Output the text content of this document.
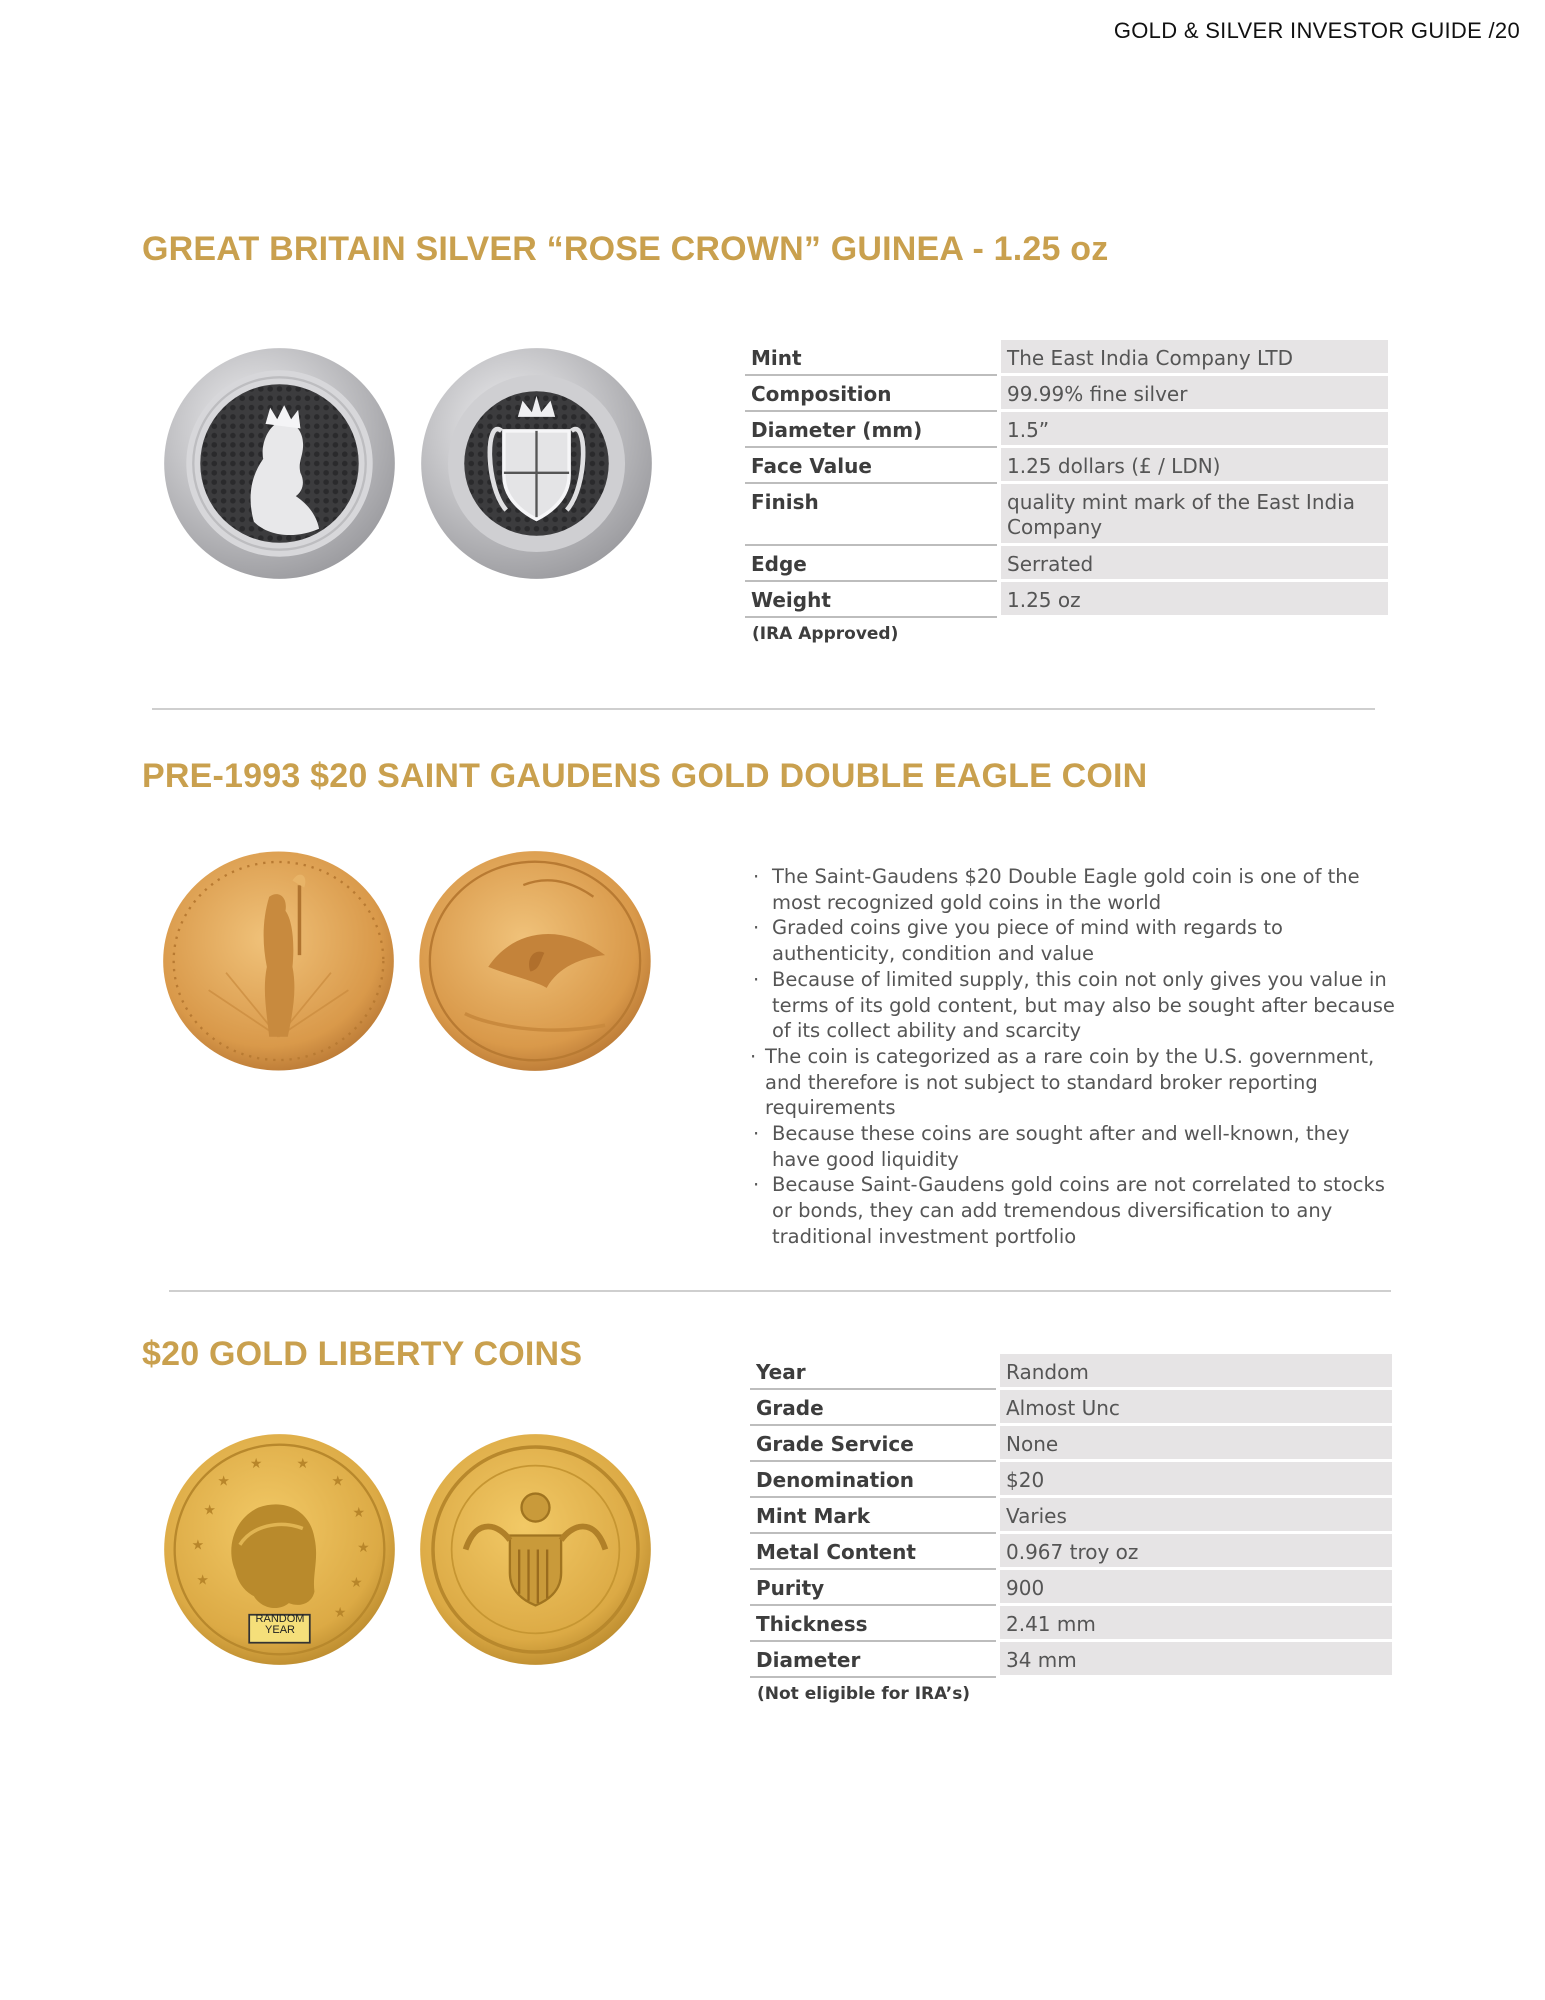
GOLD & SILVER INVESTOR GUIDE /20
GREAT BRITAIN SILVER “ROSE CROWN” GUINEA - 1.25 oz
Mint		The East India Company LTD
Composition		99.99% fine silver
Diameter (mm)		1.5”
Face Value		1.25 dollars (£ / LDN)
Finish		quality mint mark of the East India Company
Edge		Serrated
Weight		1.25 oz
(IRA Approved)
PRE-1993 $20 SAINT GAUDENS GOLD DOUBLE EAGLE COIN
· The Saint-Gaudens $20 Double Eagle gold coin is one of the most recognized gold coins in the world
· Graded coins give you piece of mind with regards to authenticity, condition and value
· Because of limited supply, this coin not only gives you value in terms of its gold content, but may also be sought after because of its collect ability and scarcity
· The coin is categorized as a rare coin by the U.S. government, and therefore is not subject to standard broker reporting requirements
· Because these coins are sought after and well-known, they have good liquidity
· Because Saint-Gaudens gold coins are not correlated to stocks or bonds, they can add tremendous diversification to any traditional investment portfolio
$20 GOLD LIBERTY COINS
★
★
★
★
★	★
★
★
★
★
★
RANDOM YEAR
Year		Random
Grade		Almost Unc
Grade Service		None
Denomination		$20
Mint Mark		Varies
Metal Content		0.967 troy oz
Purity		900
Thickness		2.41 mm
Diameter		34 mm
(Not eligible for IRA’s)
